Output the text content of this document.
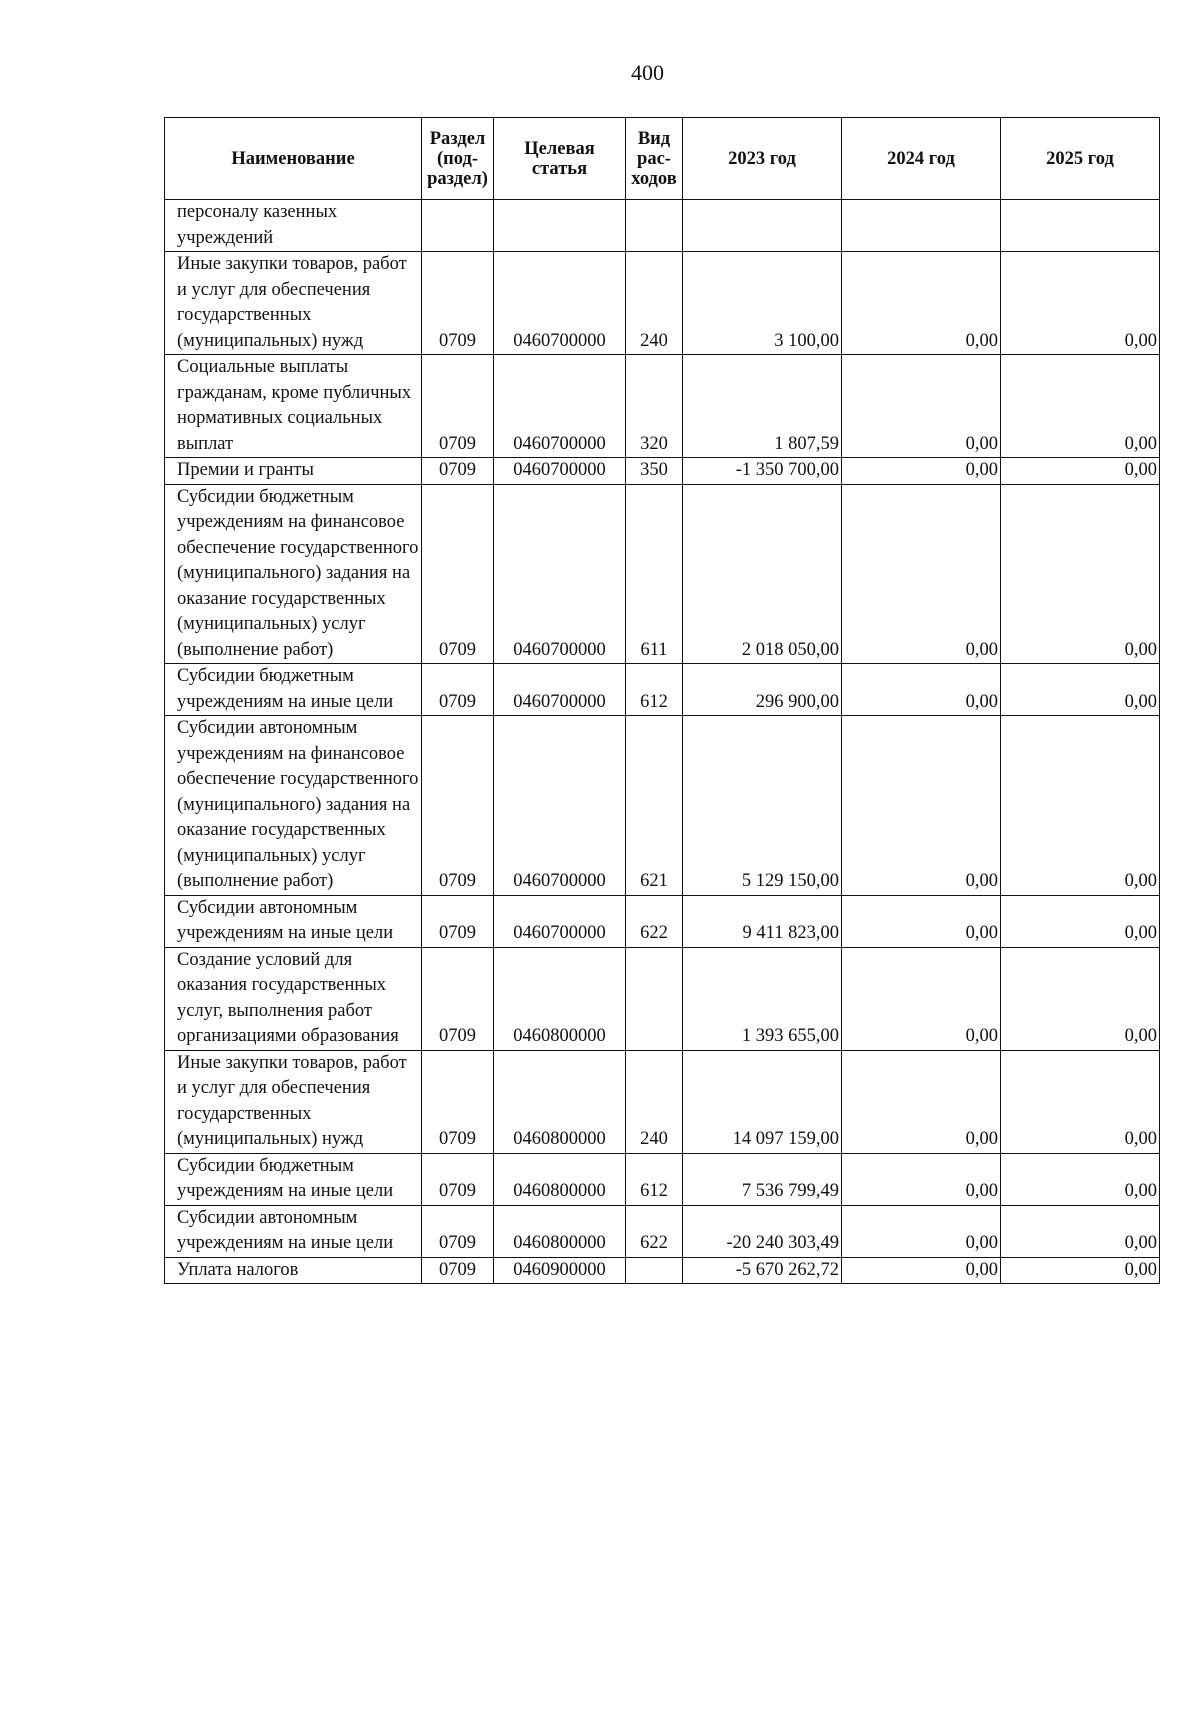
400
Наименование	Раздел (под-раздел)	Целевая статья	Вид рас-ходов	2023 год	2024 год	2025 год
персоналу казенных учреждений						
Иные закупки товаров, работ и услуг для обеспечения государственных (муниципальных) нужд	0709	0460700000	240	3 100,00	0,00	0,00
Социальные выплаты гражданам, кроме публичных нормативных социальных выплат	0709	0460700000	320	1 807,59	0,00	0,00
Премии и гранты	0709	0460700000	350	-1 350 700,00	0,00	0,00
Субсидии бюджетным учреждениям на финансовое обеспечение государственного (муниципального) задания на оказание государственных (муниципальных) услуг (выполнение работ)	0709	0460700000	611	2 018 050,00	0,00	0,00
Субсидии бюджетным учреждениям на иные цели	0709	0460700000	612	296 900,00	0,00	0,00
Субсидии автономным учреждениям на финансовое обеспечение государственного (муниципального) задания на оказание государственных (муниципальных) услуг (выполнение работ)	0709	0460700000	621	5 129 150,00	0,00	0,00
Субсидии автономным учреждениям на иные цели	0709	0460700000	622	9 411 823,00	0,00	0,00
Создание условий для оказания государственных услуг, выполнения работ организациями образования	0709	0460800000		1 393 655,00	0,00	0,00
Иные закупки товаров, работ и услуг для обеспечения государственных (муниципальных) нужд	0709	0460800000	240	14 097 159,00	0,00	0,00
Субсидии бюджетным учреждениям на иные цели	0709	0460800000	612	7 536 799,49	0,00	0,00
Субсидии автономным учреждениям на иные цели	0709	0460800000	622	-20 240 303,49	0,00	0,00
Уплата налогов	0709	0460900000		-5 670 262,72	0,00	0,00
